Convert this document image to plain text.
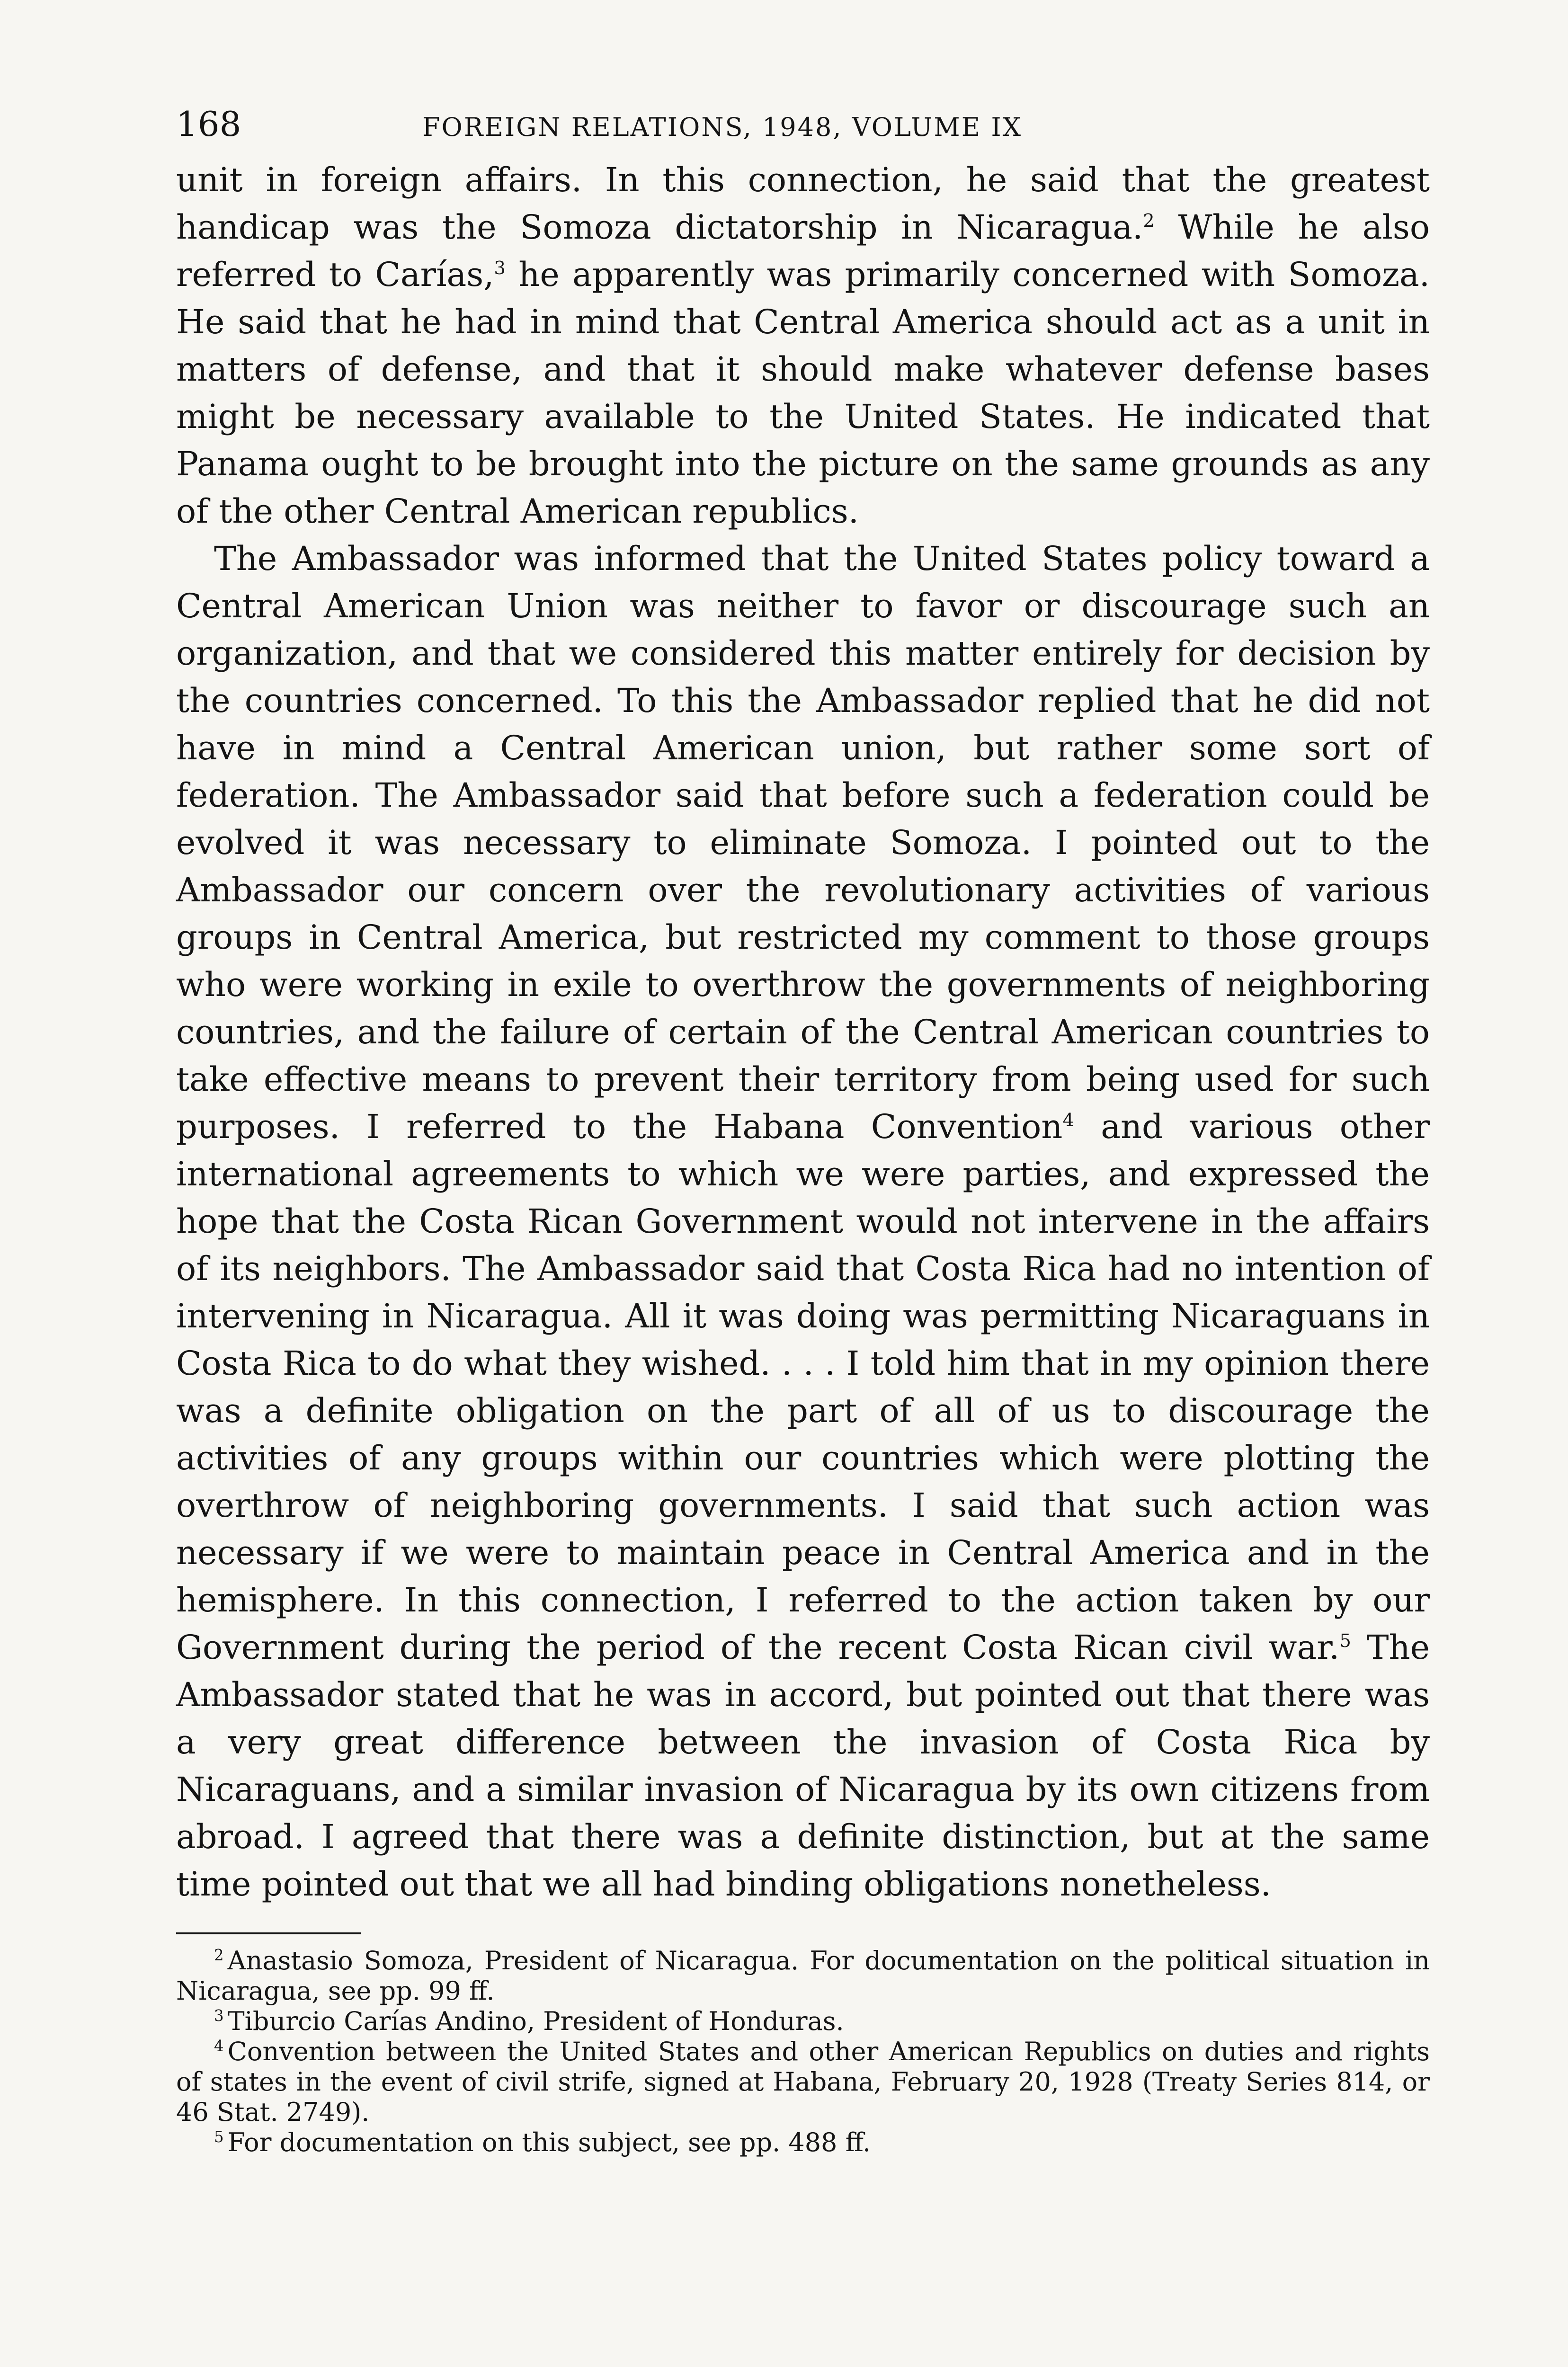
168	FOREIGN RELATIONS, 1948, VOLUME IX

unit in foreign affairs. In this connection, he said that the greatest handicap was the Somoza dictatorship in Nicaragua.$^2$ While he also referred to Carías,$^3$ he apparently was primarily concerned with Somoza. He said that he had in mind that Central America should act as a unit in matters of defense, and that it should make whatever defense bases might be necessary available to the United States. He indicated that Panama ought to be brought into the picture on the same grounds as any of the other Central American republics.

The Ambassador was informed that the United States policy toward a Central American Union was neither to favor or discourage such an organization, and that we considered this matter entirely for decision by the countries concerned. To this the Ambassador replied that he did not have in mind a Central American union, but rather some sort of federation. The Ambassador said that before such a federation could be evolved it was necessary to eliminate Somoza. I pointed out to the Ambassador our concern over the revolutionary activities of various groups in Central America, but restricted my comment to those groups who were working in exile to overthrow the governments of neighboring countries, and the failure of certain of the Central American countries to take effective means to prevent their territory from being used for such purposes. I referred to the Habana Convention$^4$ and various other international agreements to which we were parties, and expressed the hope that the Costa Rican Government would not intervene in the affairs of its neighbors. The Ambassador said that Costa Rica had no intention of intervening in Nicaragua. All it was doing was permitting Nicaraguans in Costa Rica to do what they wished. . . . I told him that in my opinion there was a definite obligation on the part of all of us to discourage the activities of any groups within our countries which were plotting the overthrow of neighboring governments. I said that such action was necessary if we were to maintain peace in Central America and in the hemisphere. In this connection, I referred to the action taken by our Government during the period of the recent Costa Rican civil war.$^5$ The Ambassador stated that he was in accord, but pointed out that there was a very great difference between the invasion of Costa Rica by Nicaraguans, and a similar invasion of Nicaragua by its own citizens from abroad. I agreed that there was a definite distinction, but at the same time pointed out that we all had binding obligations nonetheless.

$^2$ Anastasio Somoza, President of Nicaragua. For documentation on the political situation in Nicaragua, see pp. 99 ff.

$^3$ Tiburcio Carías Andino, President of Honduras.

$^4$ Convention between the United States and other American Republics on duties and rights of states in the event of civil strife, signed at Habana, February 20, 1928 (Treaty Series 814, or 46 Stat. 2749).

$^5$ For documentation on this subject, see pp. 488 ff.
